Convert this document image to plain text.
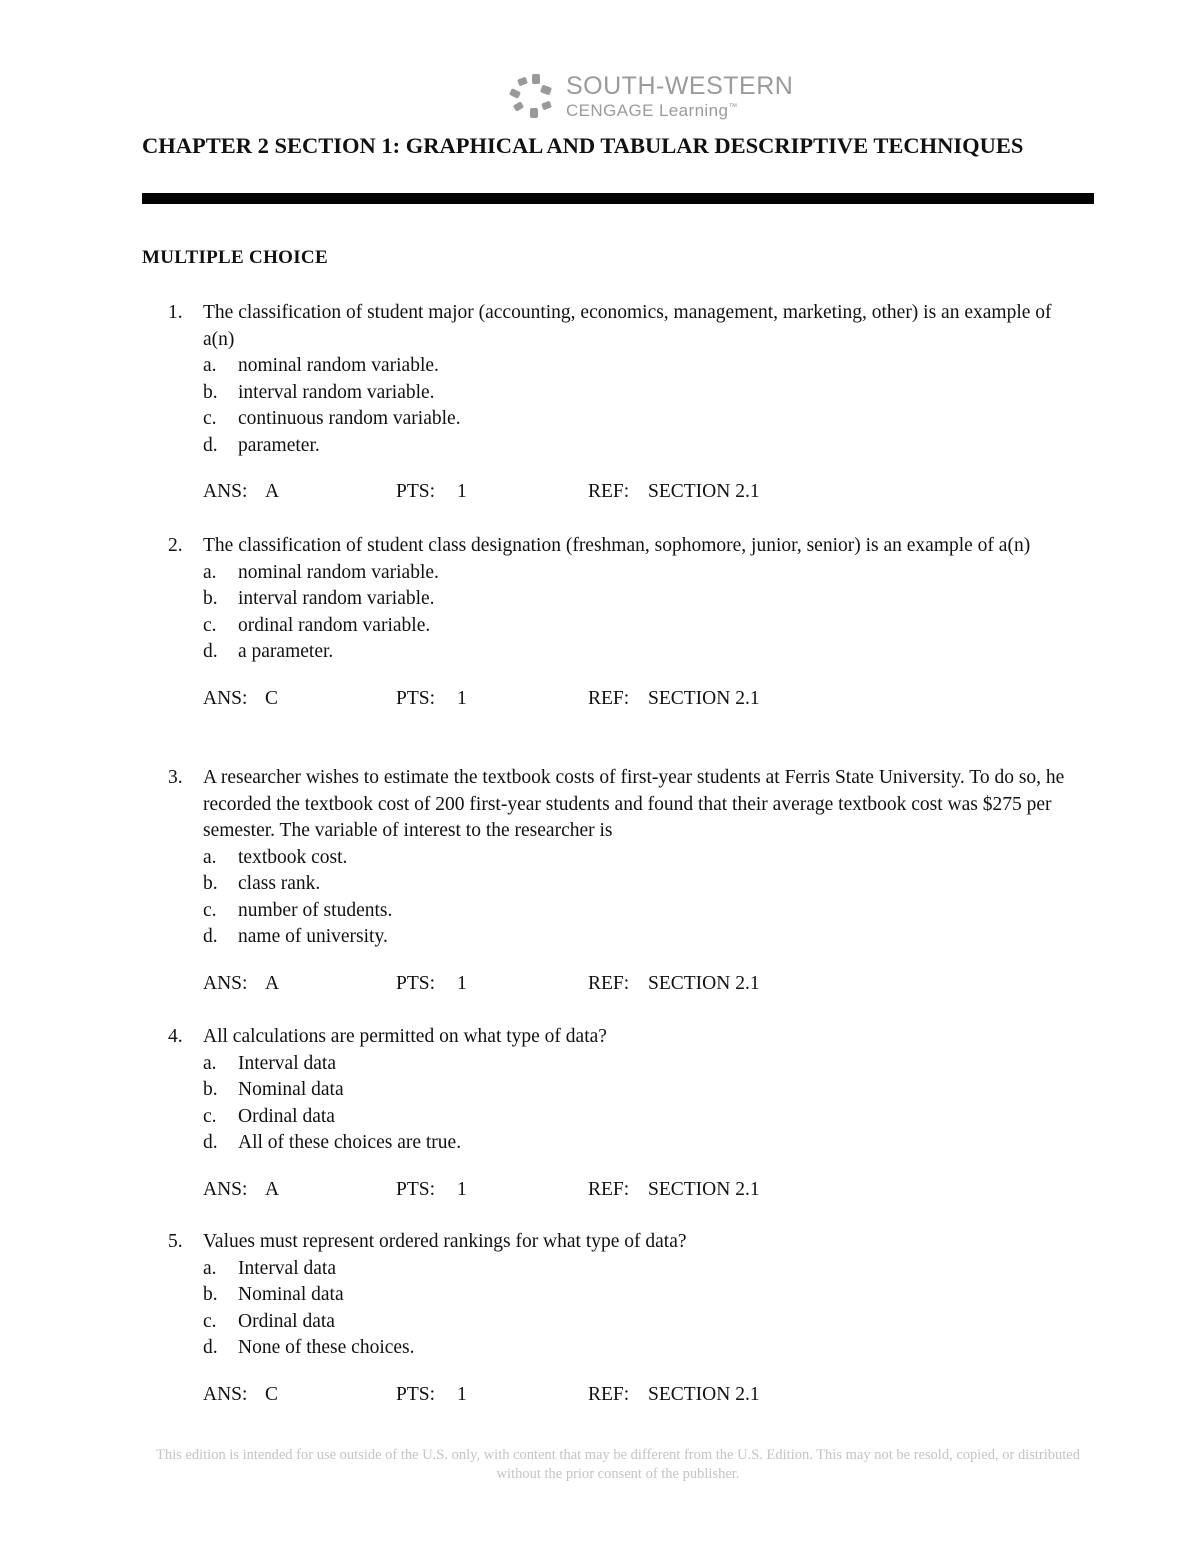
SOUTH-WESTERN
CENGAGE Learning™
CHAPTER 2 SECTION 1: GRAPHICAL AND TABULAR DESCRIPTIVE TECHNIQUES
MULTIPLE CHOICE
1. The classification of student major (accounting, economics, management, marketing, other) is an example of a(n)
a. nominal random variable.
b. interval random variable.
c. continuous random variable.
d. parameter.
ANS: A	PTS: 1	REF: SECTION 2.1
2. The classification of student class designation (freshman, sophomore, junior, senior) is an example of a(n)
a. nominal random variable.
b. interval random variable.
c. ordinal random variable.
d. a parameter.
ANS: C	PTS: 1	REF: SECTION 2.1
3. A researcher wishes to estimate the textbook costs of first-year students at Ferris State University. To do so, he recorded the textbook cost of 200 first-year students and found that their average textbook cost was $275 per semester. The variable of interest to the researcher is
a. textbook cost.
b. class rank.
c. number of students.
d. name of university.
ANS: A	PTS: 1	REF: SECTION 2.1
4. All calculations are permitted on what type of data?
a. Interval data
b. Nominal data
c. Ordinal data
d. All of these choices are true.
ANS: A	PTS: 1	REF: SECTION 2.1
5. Values must represent ordered rankings for what type of data?
a. Interval data
b. Nominal data
c. Ordinal data
d. None of these choices.
ANS: C	PTS: 1	REF: SECTION 2.1
This edition is intended for use outside of the U.S. only, with content that may be different from the U.S. Edition. This may not be resold, copied, or distributed without the prior consent of the publisher.
